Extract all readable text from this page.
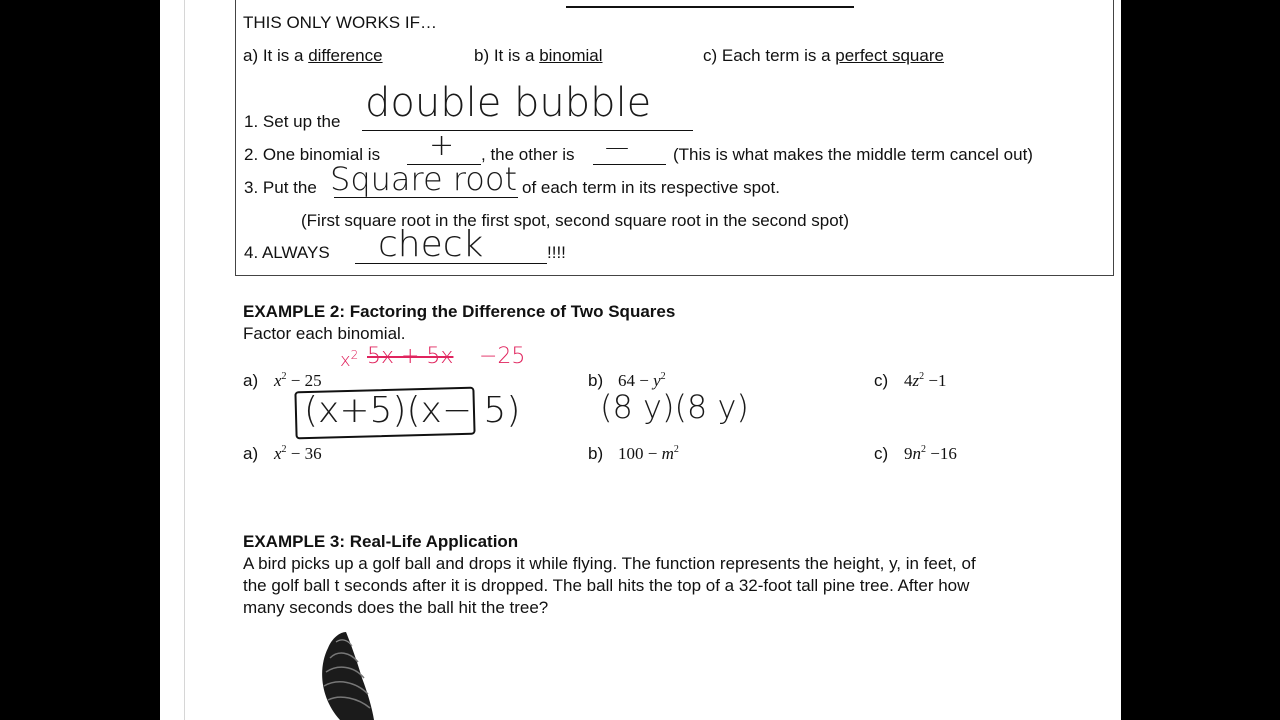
THIS ONLY WORKS IF…
a) It is a difference	b) It is a binomial	c) Each term is a perfect square
1. Set up the double bubble
2. One binomial is + , the other is —	(This is what makes the middle term cancel out)
3. Put the Square root of each term in its respective spot.
(First square root in the first spot, second square root in the second spot)
4. ALWAYS check	!!!!
EXAMPLE 2: Factoring the Difference of Two Squares
Factor each binomial.
a) $x^2 - 25$	b) $64 - y^2$	c) $4z^2 -1$
$x^2$ 5x + 5x −25
(x+5)(x− 5) (8 y)(8 y)
a) $x^2 - 36$	b) $100 - m^2$	c) $9n^2 -16$
EXAMPLE 3: Real-Life Application
A bird picks up a golf ball and drops it while flying. The function represents the height, y, in feet, of
the golf ball t seconds after it is dropped. The ball hits the top of a 32-foot tall pine tree. After how
many seconds does the ball hit the tree?
